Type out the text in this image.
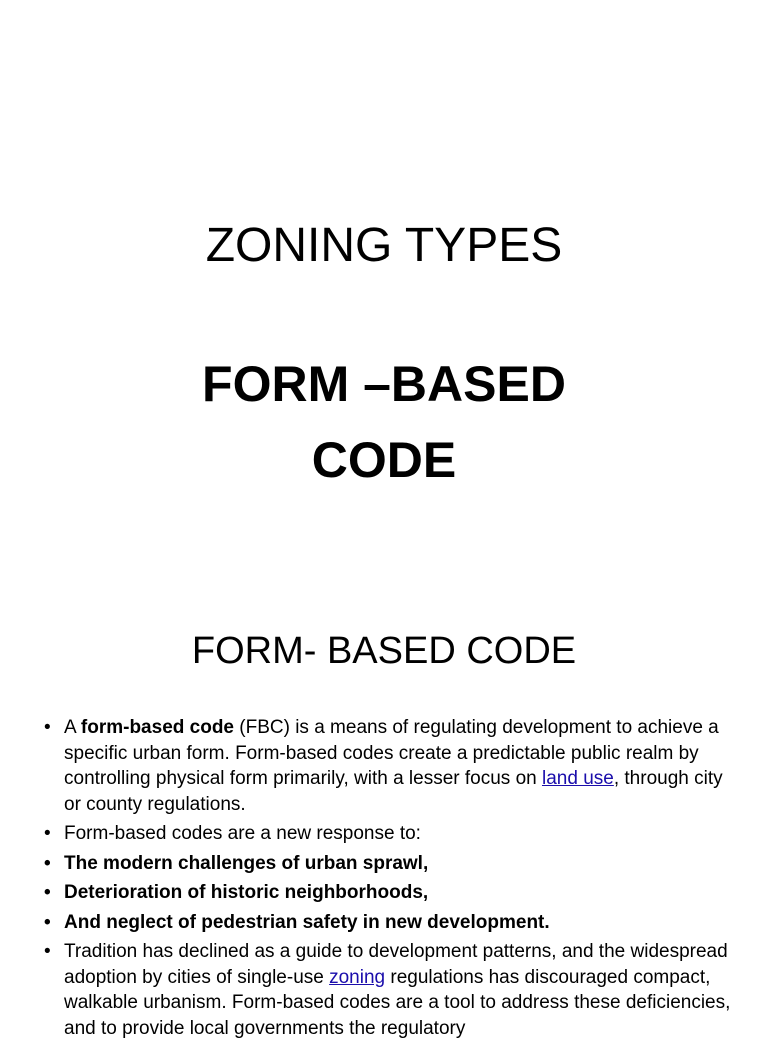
ZONING TYPES
FORM –BASED
CODE
FORM- BASED CODE
• A form-based code (FBC) is a means of regulating development to achieve a specific urban form. Form-based codes create a predictable public realm by controlling physical form primarily, with a lesser focus on land use, through city or county regulations.
• Form-based codes are a new response to:
• The modern challenges of urban sprawl,
• Deterioration of historic neighborhoods,
• And neglect of pedestrian safety in new development.
• Tradition has declined as a guide to development patterns, and the widespread adoption by cities of single-use zoning regulations has discouraged compact, walkable urbanism. Form-based codes are a tool to address these deficiencies, and to provide local governments the regulatory
